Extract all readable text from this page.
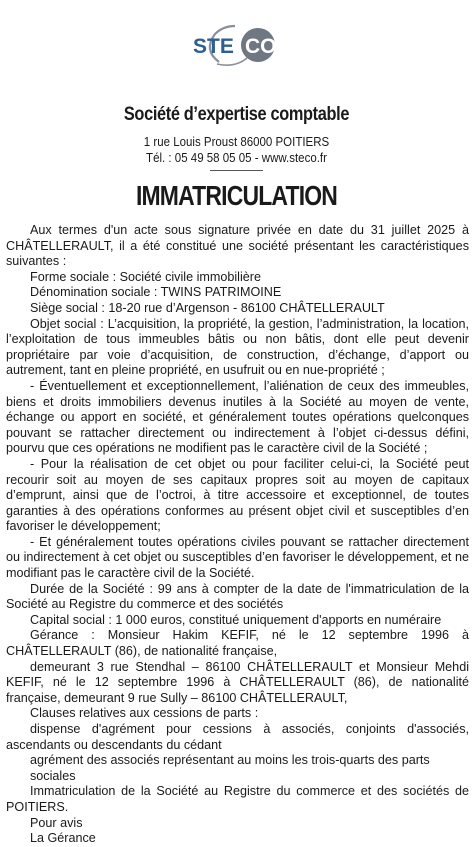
STE CO
Société d’expertise comptable
1 rue Louis Proust 86000 POITIERS
Tél. : 05 49 58 05 05 - www.steco.fr
IMMATRICULATION

Aux termes d'un acte sous signature privée en date du 31 juillet 2025 à CHÂTELLERAULT, il a été constitué une société présentant les caractéristiques suivantes :

Forme sociale : Société civile immobilière

Dénomination sociale : TWINS PATRIMOINE

Siège social : 18-20 rue d’Argenson - 86100 CHÂTELLERAULT

Objet social : L’acquisition, la propriété, la gestion, l’administration, la location, l’exploitation de tous immeubles bâtis ou non bâtis, dont elle peut devenir propriétaire par voie d’acquisition, de construction, d’échange, d’apport ou autrement, tant en pleine propriété, en usufruit ou en nue-propriété ;

- Éventuellement et exceptionnellement, l’aliénation de ceux des immeubles, biens et droits immobiliers devenus inutiles à la Société au moyen de vente, échange ou apport en société, et généralement toutes opérations quelconques pouvant se rattacher directement ou indirectement à l’objet ci-dessus défini, pourvu que ces opérations ne modifient pas le caractère civil de la Société ;

- Pour la réalisation de cet objet ou pour faciliter celui-ci, la Société peut recourir soit au moyen de ses capitaux propres soit au moyen de capitaux d’emprunt, ainsi que de l’octroi, à titre accessoire et exceptionnel, de toutes garanties à des opérations conformes au présent objet civil et susceptibles d’en favoriser le développement;

- Et généralement toutes opérations civiles pouvant se rattacher directement ou indirectement à cet objet ou susceptibles d’en favoriser le développement, et ne modifiant pas le caractère civil de la Société.

Durée de la Société : 99 ans à compter de la date de l'immatriculation de la Société au Registre du commerce et des sociétés

Capital social : 1 000 euros, constitué uniquement d'apports en numéraire

Gérance : Monsieur Hakim KEFIF, né le 12 septembre 1996 à CHÂTELLERAULT (86), de nationalité française,

demeurant 3 rue Stendhal – 86100 CHÂTELLERAULT et Monsieur Mehdi KEFIF, né le 12 septembre 1996 à CHÂTELLERAULT (86), de nationalité française, demeurant 9 rue Sully – 86100 CHÂTELLERAULT,

Clauses relatives aux cessions de parts :

dispense d'agrément pour cessions à associés, conjoints d'associés, ascendants ou descendants du cédant

agrément des associés représentant au moins les trois-quarts des parts sociales

Immatriculation de la Société au Registre du commerce et des sociétés de POITIERS.

Pour avis

La Gérance
